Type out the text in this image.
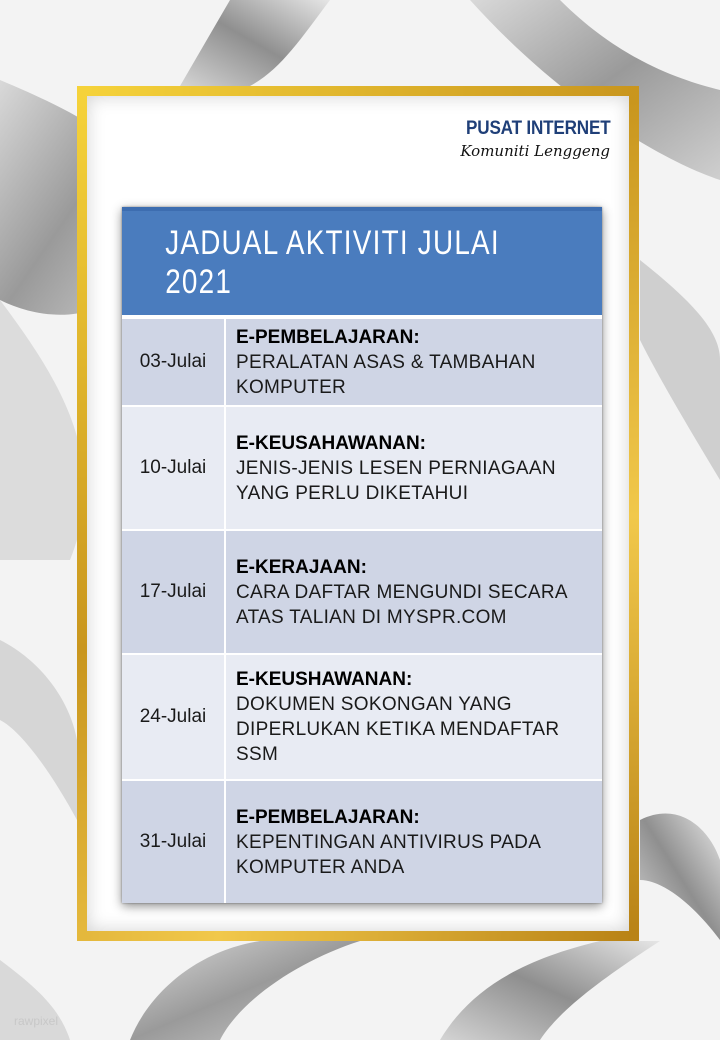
PUSAT INTERNET
Komuniti Lenggeng
JADUAL AKTIVITI JULAI 2021
03-Julai
E-PEMBELAJARAN:
PERALATAN ASAS & TAMBAHAN
KOMPUTER
10-Julai
E-KEUSAHAWANAN:
JENIS-JENIS LESEN PERNIAGAAN
YANG PERLU DIKETAHUI
17-Julai
E-KERAJAAN:
CARA DAFTAR MENGUNDI SECARA
ATAS TALIAN DI MYSPR.COM
24-Julai
E-KEUSHAWANAN:
DOKUMEN SOKONGAN YANG
DIPERLUKAN KETIKA MENDAFTAR
SSM
31-Julai
E-PEMBELAJARAN:
KEPENTINGAN ANTIVIRUS PADA
KOMPUTER ANDA
rawpixel
